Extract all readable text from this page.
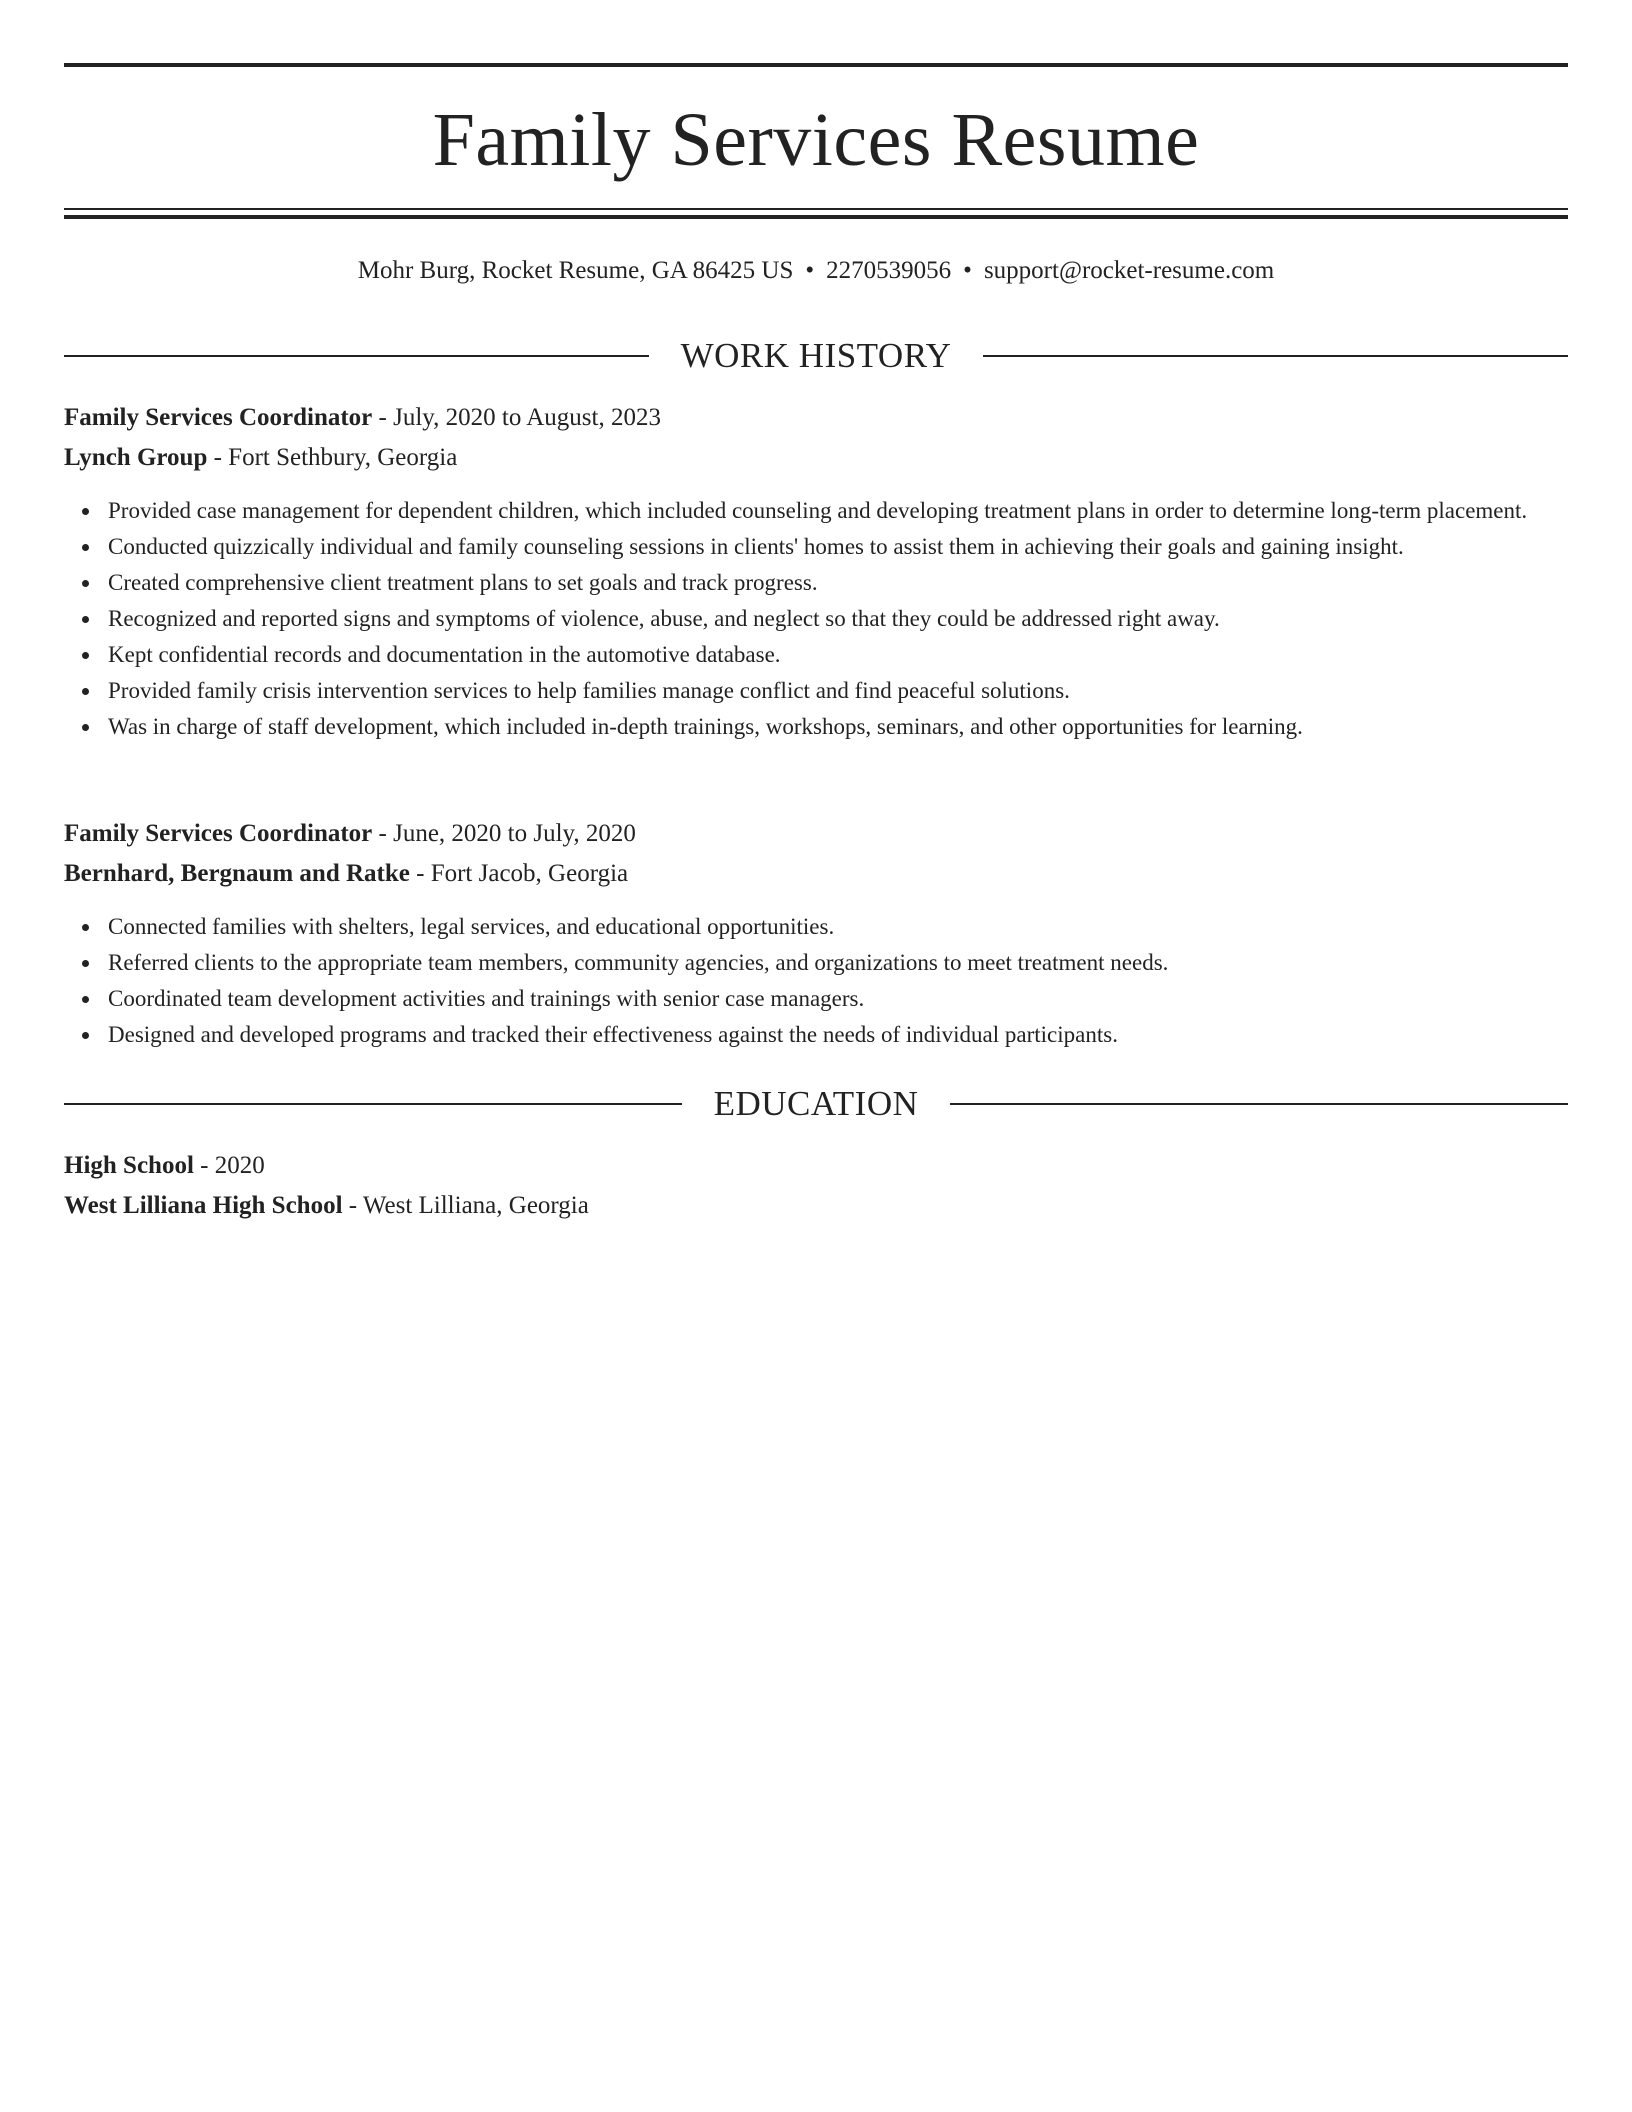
Family Services Resume
Mohr Burg, Rocket Resume, GA 86425 US • 2270539056 • support@rocket-resume.com
WORK HISTORY
Family Services Coordinator - July, 2020 to August, 2023
Lynch Group - Fort Sethbury, Georgia
Provided case management for dependent children, which included counseling and developing treatment plans in order to determine long-term placement.
Conducted quizzically individual and family counseling sessions in clients' homes to assist them in achieving their goals and gaining insight.
Created comprehensive client treatment plans to set goals and track progress.
Recognized and reported signs and symptoms of violence, abuse, and neglect so that they could be addressed right away.
Kept confidential records and documentation in the automotive database.
Provided family crisis intervention services to help families manage conflict and find peaceful solutions.
Was in charge of staff development, which included in-depth trainings, workshops, seminars, and other opportunities for learning.
Family Services Coordinator - June, 2020 to July, 2020
Bernhard, Bergnaum and Ratke - Fort Jacob, Georgia
Connected families with shelters, legal services, and educational opportunities.
Referred clients to the appropriate team members, community agencies, and organizations to meet treatment needs.
Coordinated team development activities and trainings with senior case managers.
Designed and developed programs and tracked their effectiveness against the needs of individual participants.
EDUCATION
High School - 2020
West Lilliana High School - West Lilliana, Georgia
